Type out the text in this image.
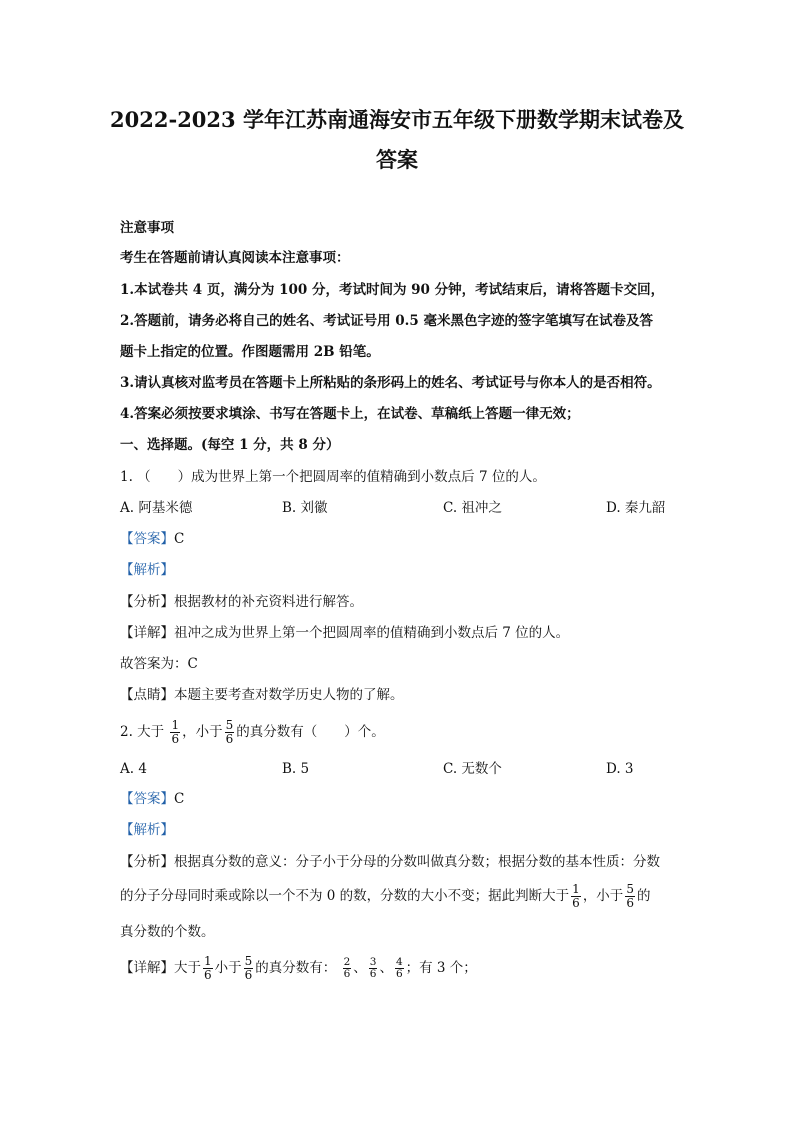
2022-2023 学年江苏南通海安市五年级下册数学期末试卷及
答案
注意事项
考生在答题前请认真阅读本注意事项：
1.本试卷共 4 页，满分为 100 分，考试时间为 90 分钟，考试结束后，请将答题卡交回，
2.答题前，请务必将自己的姓名、考试证号用 0.5 毫米黑色字迹的签字笔填写在试卷及答
题卡上指定的位置。作图题需用 2B 铅笔。
3.请认真核对监考员在答题卡上所粘贴的条形码上的姓名、考试证号与你本人的是否相符。
4.答案必须按要求填涂、书写在答题卡上，在试卷、草稿纸上答题一律无效；
一、选择题。(每空 1 分，共 8 分）
1. （　　）成为世界上第一个把圆周率的值精确到小数点后 7 位的人。
A. 阿基米德	B. 刘徽	C. 祖冲之	D. 秦九韶
【答案】C
【解析】
【分析】根据教材的补充资料进行解答。
【详解】祖冲之成为世界上第一个把圆周率的值精确到小数点后 7 位的人。
故答案为：C
【点睛】本题主要考查对数学历史人物的了解。
2. 大于 $\frac{1}{6}$ ，小于 $\frac{5}{6}$ 的真分数有（　　）个。
A. 4	B. 5	C. 无数个	D. 3
【答案】C
【解析】
【分析】根据真分数的意义：分子小于分母的分数叫做真分数；根据分数的基本性质：分数
的分子分母同时乘或除以一个不为 0 的数，分数的大小不变；据此判断大于 $\frac{1}{6}$ ，小于 $\frac{5}{6}$ 的
真分数的个数。
【详解】大于 $\frac{1}{6}$ 小于 $\frac{5}{6}$ 的真分数有： $\frac{2}{6}$ 、 $\frac{3}{6}$ 、 $\frac{4}{6}$ ；有 3 个；
